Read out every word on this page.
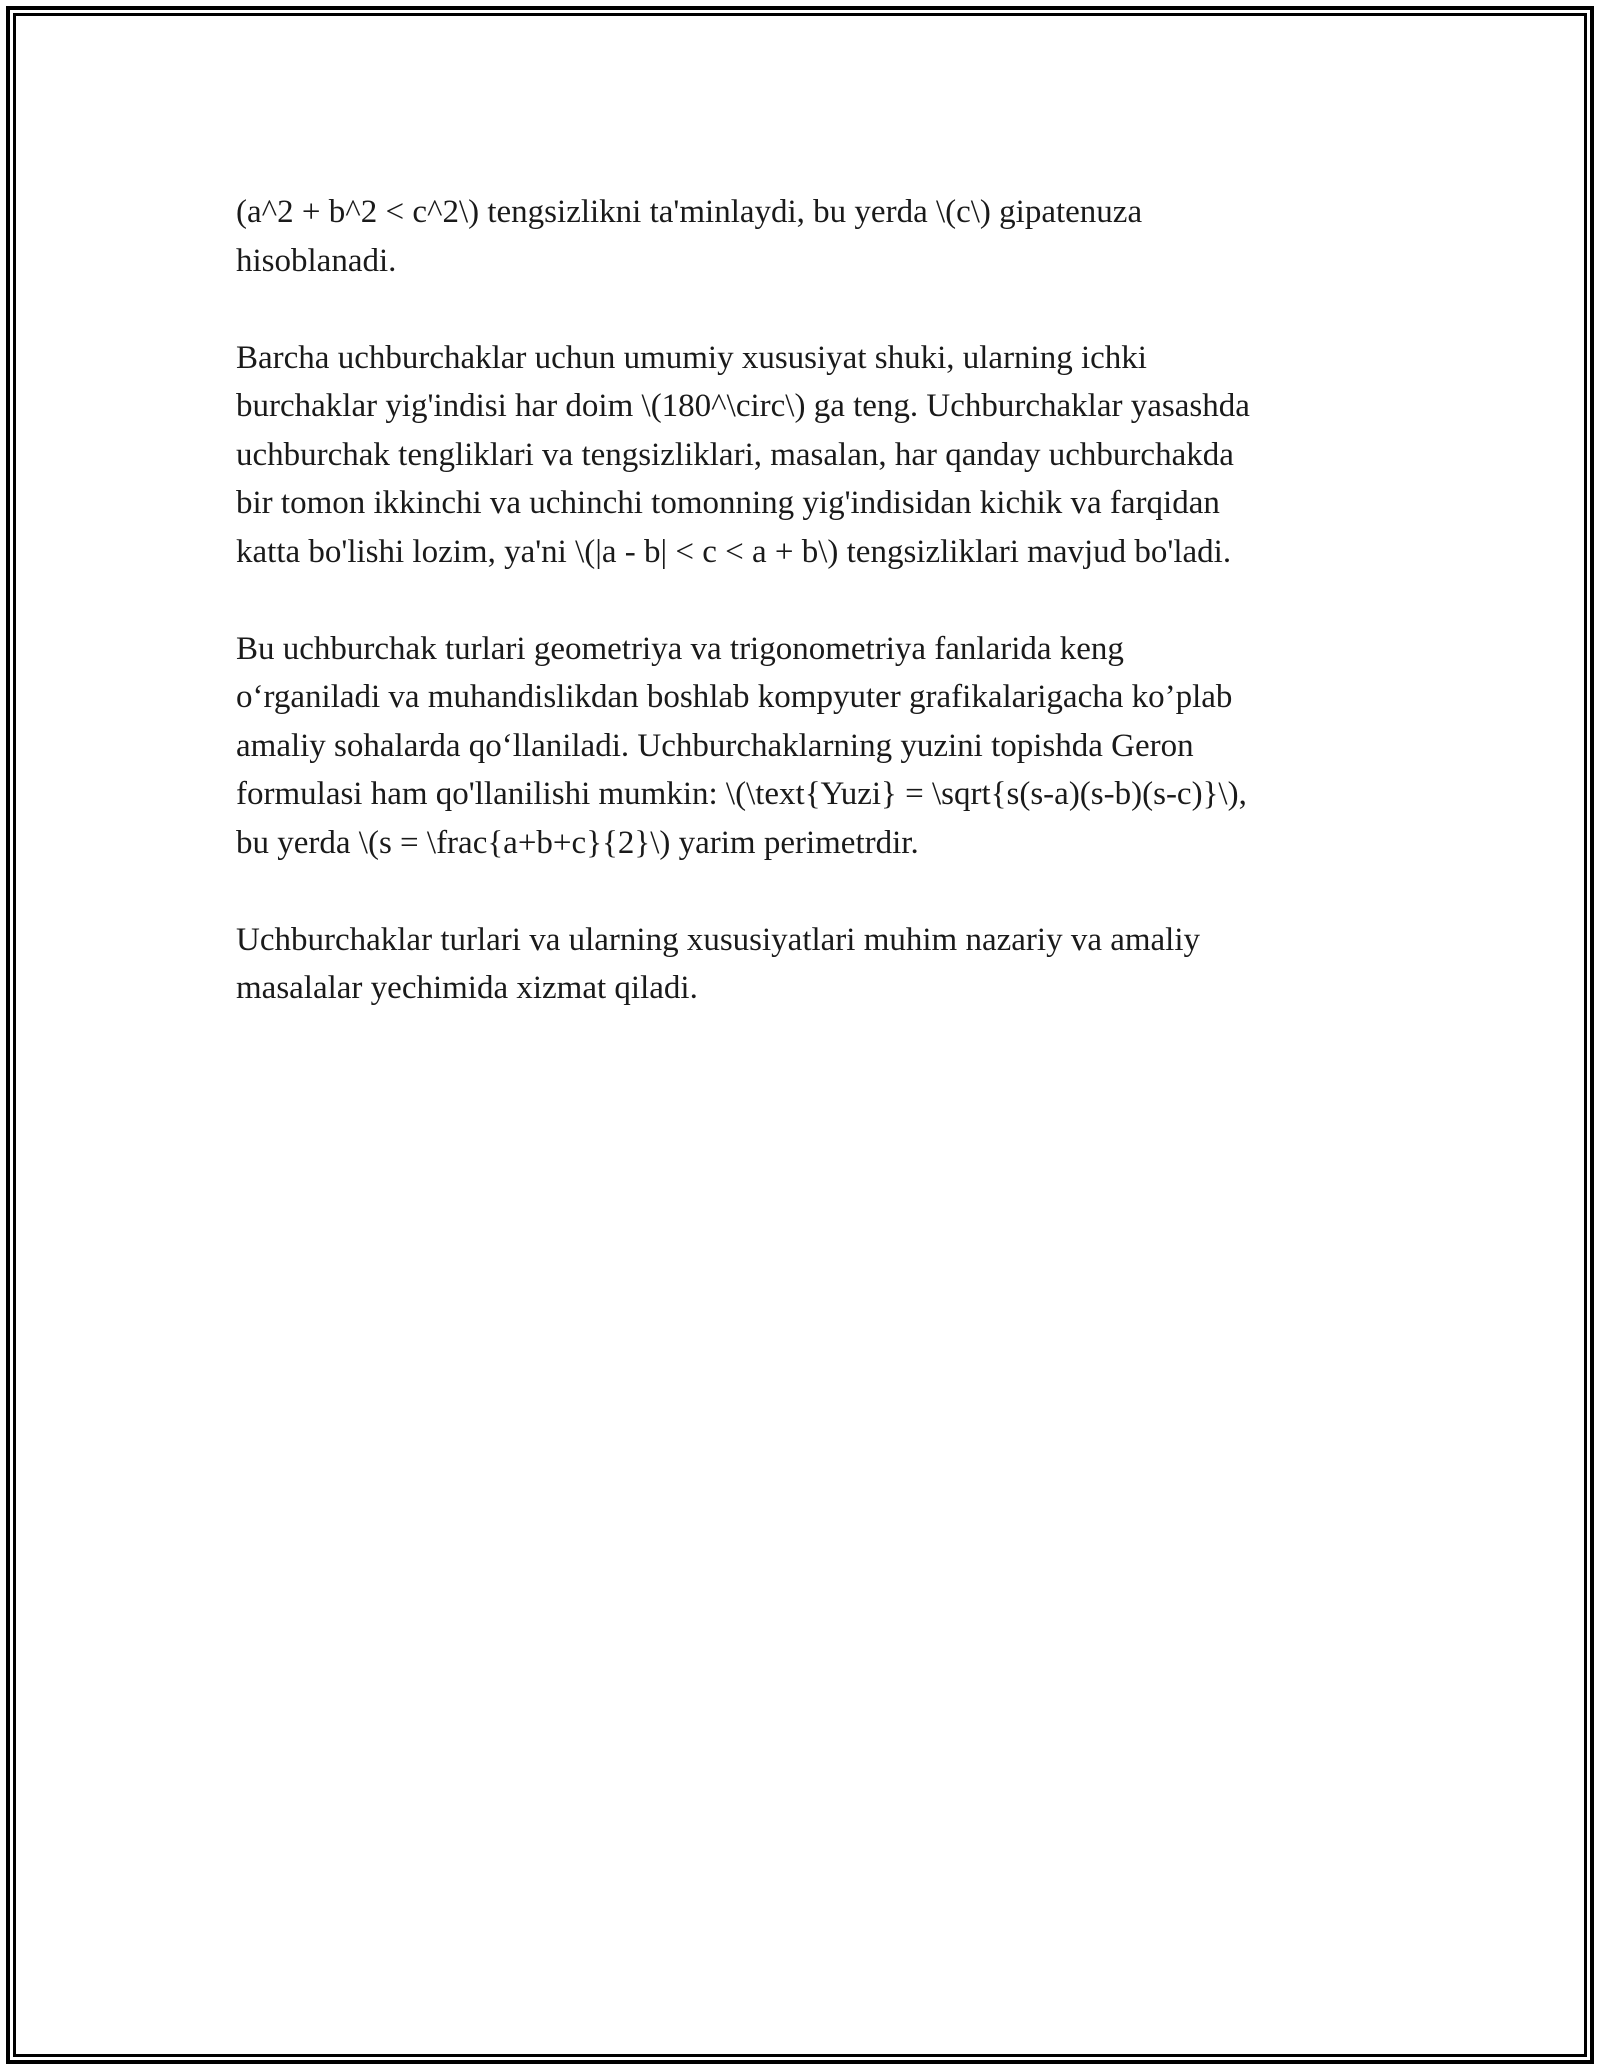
(a^2 + b^2 < c^2\) tengsizlikni ta'minlaydi, bu yerda \(c\) gipatenuza
hisoblanadi.

Barcha uchburchaklar uchun umumiy xususiyat shuki, ularning ichki
burchaklar yig'indisi har doim \(180^\circ\) ga teng. Uchburchaklar yasashda
uchburchak tengliklari va tengsizliklari, masalan, har qanday uchburchakda
bir tomon ikkinchi va uchinchi tomonning yig'indisidan kichik va farqidan
katta bo'lishi lozim, ya'ni \(|a - b| < c < a + b\) tengsizliklari mavjud bo'ladi.

Bu uchburchak turlari geometriya va trigonometriya fanlarida keng
o‘rganiladi va muhandislikdan boshlab kompyuter grafikalarigacha ko’plab
amaliy sohalarda qo‘llaniladi. Uchburchaklarning yuzini topishda Geron
formulasi ham qo'llanilishi mumkin: \(\text{Yuzi} = \sqrt{s(s-a)(s-b)(s-c)}\),
bu yerda \(s = \frac{a+b+c}{2}\) yarim perimetrdir.

Uchburchaklar turlari va ularning xususiyatlari muhim nazariy va amaliy
masalalar yechimida xizmat qiladi.
